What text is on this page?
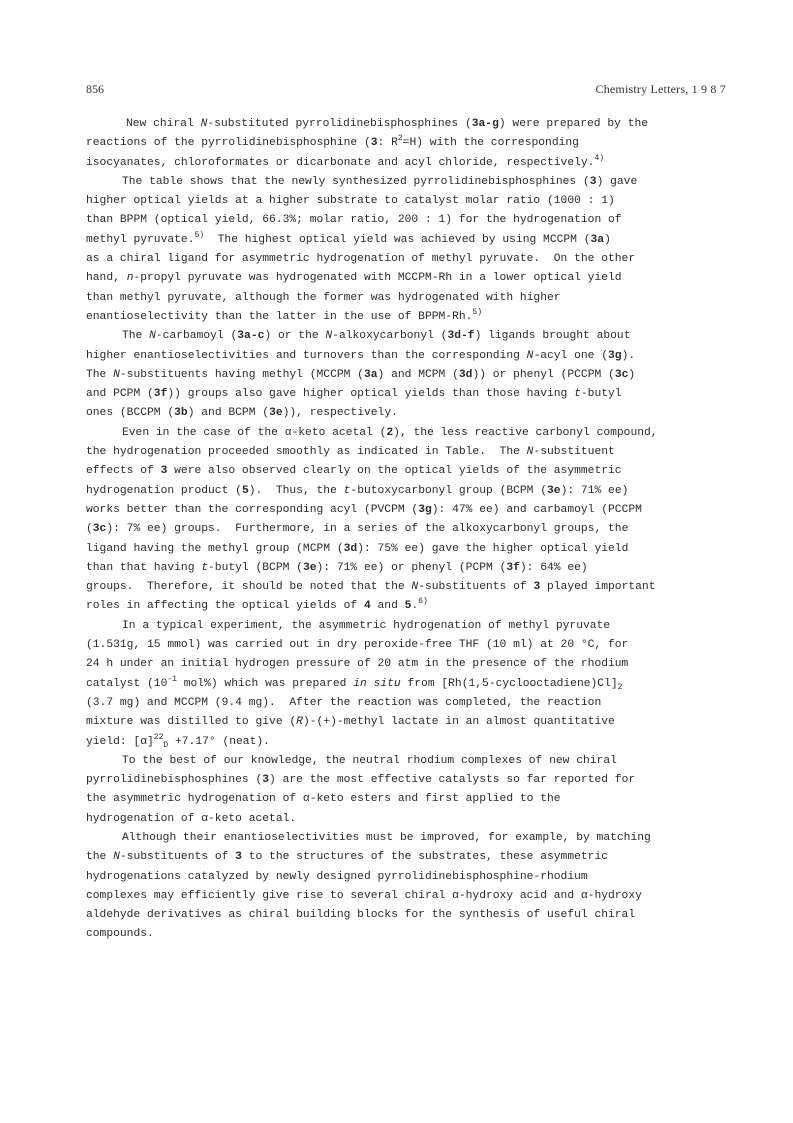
856	Chemistry Letters, 1 9 8 7
New chiral N-substituted pyrrolidinebisphosphines (3a-g) were prepared by the
reactions of the pyrrolidinebisphosphine (3: $R^2=H$) with the corresponding
isocyanates, chloroformates or dicarbonate and acyl chloride, respectively.$^{4)}$
The table shows that the newly synthesized pyrrolidinebisphosphines (3) gave
higher optical yields at a higher substrate to catalyst molar ratio (1000 : 1)
than BPPM (optical yield, 66.3%; molar ratio, 200 : 1) for the hydrogenation of
methyl pyruvate.$^{5)}$  The highest optical yield was achieved by using MCCPM (3a)
as a chiral ligand for asymmetric hydrogenation of methyl pyruvate.  On the other
hand, n-propyl pyruvate was hydrogenated with MCCPM-Rh in a lower optical yield
than methyl pyruvate, although the former was hydrogenated with higher
enantioselectivity than the latter in the use of BPPM-Rh.$^{5)}$
The N-carbamoyl (3a-c) or the N-alkoxycarbonyl (3d-f) ligands brought about
higher enantioselectivities and turnovers than the corresponding N-acyl one (3g).
The N-substituents having methyl (MCCPM (3a) and MCPM (3d)) or phenyl (PCCPM (3c)
and PCPM (3f)) groups also gave higher optical yields than those having t-butyl
ones (BCCPM (3b) and BCPM (3e)), respectively.
Even in the case of the α-keto acetal (2), the less reactive carbonyl compound,
the hydrogenation proceeded smoothly as indicated in Table.  The N-substituent
effects of 3 were also observed clearly on the optical yields of the asymmetric
hydrogenation product (5).  Thus, the t-butoxycarbonyl group (BCPM (3e): 71% ee)
works better than the corresponding acyl (PVCPM (3g): 47% ee) and carbamoyl (PCCPM
(3c): 7% ee) groups.  Furthermore, in a series of the alkoxycarbonyl groups, the
ligand having the methyl group (MCPM (3d): 75% ee) gave the higher optical yield
than that having t-butyl (BCPM (3e): 71% ee) or phenyl (PCPM (3f): 64% ee)
groups.  Therefore, it should be noted that the N-substituents of 3 played important
roles in affecting the optical yields of 4 and 5.$^{6)}$
In a typical experiment, the asymmetric hydrogenation of methyl pyruvate
(1.531g, 15 mmol) was carried out in dry peroxide-free THF (10 ml) at 20 °C, for
24 h under an initial hydrogen pressure of 20 atm in the presence of the rhodium
catalyst ($10^{-1}$ mol%) which was prepared in situ from $[Rh(1,5-cyclooctadiene)Cl]_2$
(3.7 mg) and MCCPM (9.4 mg).  After the reaction was completed, the reaction
mixture was distilled to give (R)-(+)-methyl lactate in an almost quantitative
yield: $[\alpha]^{22}_D +7.17^\circ$ (neat).
To the best of our knowledge, the neutral rhodium complexes of new chiral
pyrrolidinebisphosphines (3) are the most effective catalysts so far reported for
the asymmetric hydrogenation of α-keto esters and first applied to the
hydrogenation of α-keto acetal.
Although their enantioselectivities must be improved, for example, by matching
the N-substituents of 3 to the structures of the substrates, these asymmetric
hydrogenations catalyzed by newly designed pyrrolidinebisphosphine-rhodium
complexes may efficiently give rise to several chiral α-hydroxy acid and α-hydroxy
aldehyde derivatives as chiral building blocks for the synthesis of useful chiral
compounds.
